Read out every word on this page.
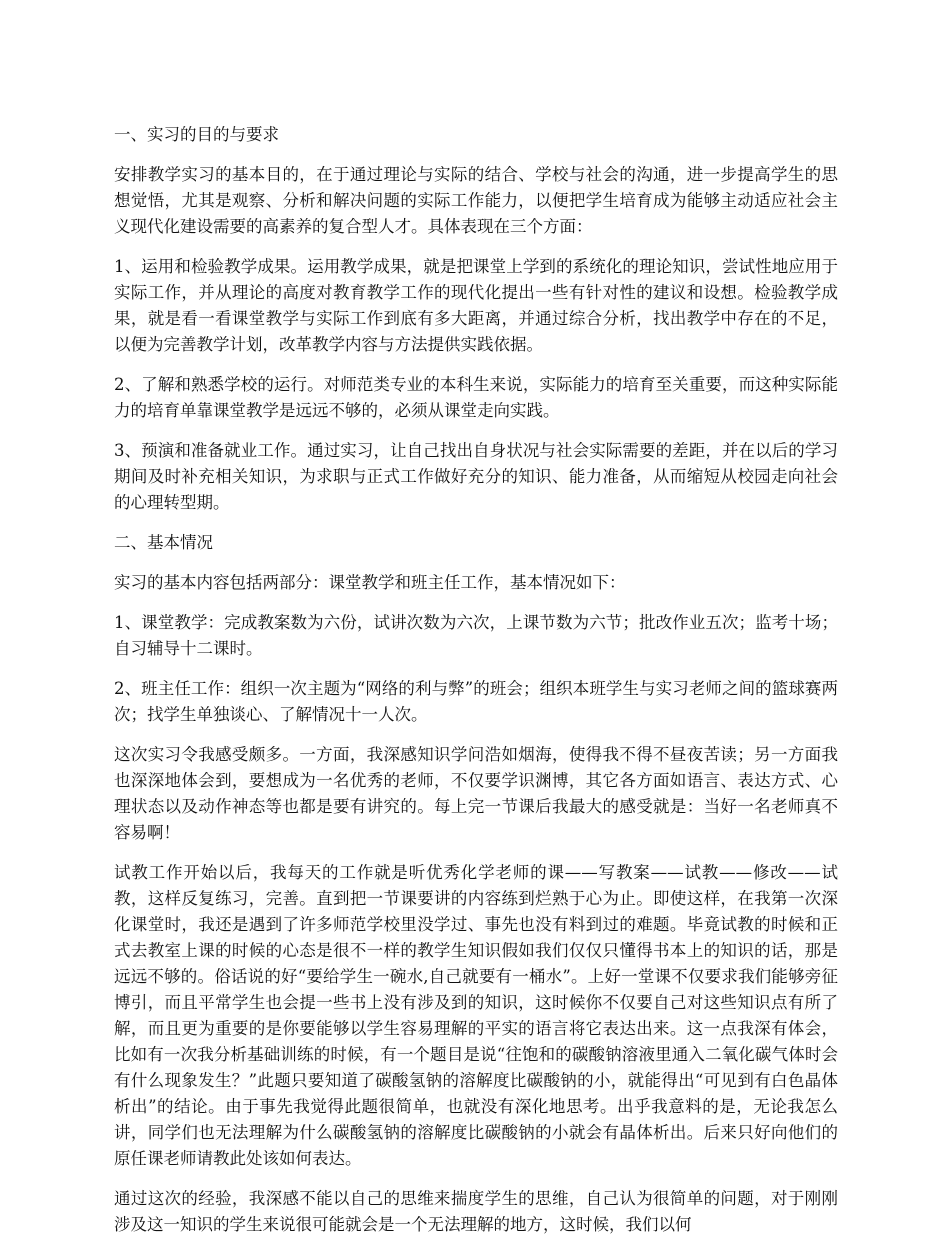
一、实习的目的与要求

安排教学实习的基本目的，在于通过理论与实际的结合、学校与社会的沟通，进一步提高学生的思想觉悟，尤其是观察、分析和解决问题的实际工作能力，以便把学生培育成为能够主动适应社会主义现代化建设需要的高素养的复合型人才。具体表现在三个方面：

1、运用和检验教学成果。运用教学成果，就是把课堂上学到的系统化的理论知识，尝试性地应用于实际工作，并从理论的高度对教育教学工作的现代化提出一些有针对性的建议和设想。检验教学成果，就是看一看课堂教学与实际工作到底有多大距离，并通过综合分析，找出教学中存在的不足，以便为完善教学计划，改革教学内容与方法提供实践依据。

2、了解和熟悉学校的运行。对师范类专业的本科生来说，实际能力的培育至关重要，而这种实际能力的培育单靠课堂教学是远远不够的，必须从课堂走向实践。

3、预演和准备就业工作。通过实习，让自己找出自身状况与社会实际需要的差距，并在以后的学习期间及时补充相关知识，为求职与正式工作做好充分的知识、能力准备，从而缩短从校园走向社会的心理转型期。

二、基本情况

实习的基本内容包括两部分：课堂教学和班主任工作，基本情况如下：

1、课堂教学：完成教案数为六份，试讲次数为六次，上课节数为六节；批改作业五次；监考十场；自习辅导十二课时。

2、班主任工作：组织一次主题为“网络的利与弊”的班会；组织本班学生与实习老师之间的篮球赛两次；找学生单独谈心、了解情况十一人次。

这次实习令我感受颇多。一方面，我深感知识学问浩如烟海，使得我不得不昼夜苦读；另一方面我也深深地体会到，要想成为一名优秀的老师，不仅要学识渊博，其它各方面如语言、表达方式、心理状态以及动作神态等也都是要有讲究的。每上完一节课后我最大的感受就是：当好一名老师真不容易啊！

试教工作开始以后，我每天的工作就是听优秀化学老师的课——写教案——试教——修改——试教，这样反复练习，完善。直到把一节课要讲的内容练到烂熟于心为止。即使这样，在我第一次深化课堂时，我还是遇到了许多师范学校里没学过、事先也没有料到过的难题。毕竟试教的时候和正式去教室上课的时候的心态是很不一样的教学生知识假如我们仅仅只懂得书本上的知识的话，那是远远不够的。俗话说的好“要给学生一碗水,自己就要有一桶水”。上好一堂课不仅要求我们能够旁征博引，而且平常学生也会提一些书上没有涉及到的知识，这时候你不仅要自己对这些知识点有所了解，而且更为重要的是你要能够以学生容易理解的平实的语言将它表达出来。这一点我深有体会，比如有一次我分析基础训练的时候，有一个题目是说“往饱和的碳酸钠溶液里通入二氧化碳气体时会有什么现象发生？”此题只要知道了碳酸氢钠的溶解度比碳酸钠的小，就能得出“可见到有白色晶体析出”的结论。由于事先我觉得此题很简单，也就没有深化地思考。出乎我意料的是，无论我怎么讲，同学们也无法理解为什么碳酸氢钠的溶解度比碳酸钠的小就会有晶体析出。后来只好向他们的原任课老师请教此处该如何表达。

通过这次的经验，我深感不能以自己的思维来揣度学生的思维，自己认为很简单的问题，对于刚刚涉及这一知识的学生来说很可能就会是一个无法理解的地方，这时候，我们以何
